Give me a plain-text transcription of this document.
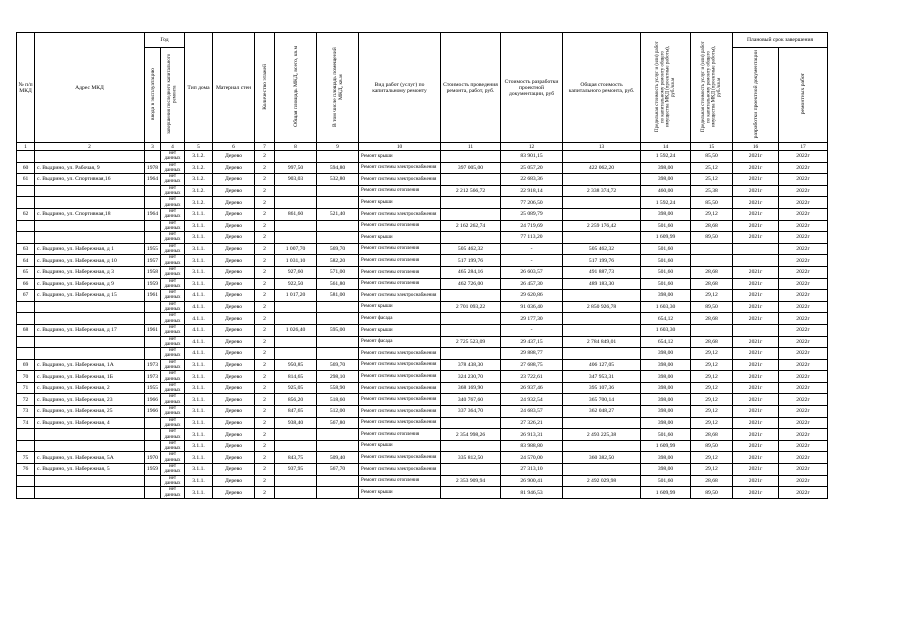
№ п/п МКД	Адрес МКД	Год		Тип дома	Материал стен	Количество этажей	Общая площадь МКД, всего, кв.м	В том числе площадь помещений МКД, кв.м	Вид работ (услуг) по капитальному ремонту	Стоимость проведения ремонта, работ, руб.	Стоимость разработки проектной документации, руб	Общая стоимость капитального ремонта, руб.	Предельная стоимость услуг и (или) работ по капитальному ремонту общего имущества МКД (проектные работы), руб./кв.м	Предельная стоимость услуг и (или) работ по капитальному ремонту общего имущества МКД (проектные работы), руб./кв.м	Плановый срок завершения	
		ввода в эксплуатацию	завершения последнего капитального ремонта												разработки проектной документации	ремонтных работ
1	2	3	4	5	6	7	8	9	10	11	12	13	14	15	16	17
			нет данных	3.1.2.	Дерево	2			Ремонт крыши		83 901,15		1 592,24	85,50	2021г	2022г
60	с. Выдрино, ул. Рабочая, 9	1978	нет данных	3.1.2.	Дерево	2	997,50	594,80	Ремонт системы электроснабжения	397 005,00	25 057,20	422 062,20	398,00	25,12	2021г	2022г
61	с. Выдрино, ул. Спортивная,16	1964	нет данных	3.1.2.	Дерево	2	903,03	532,80	Ремонт системы электроснабжения		22 683,36		398,00	25,12	2021г	2022г
			нет данных	3.1.2.	Дерево	2			Ремонт системы отопления	2 212 566,72	22 918,14	2 338 374,72	460,00	25,38	2021г	2022г
			нет данных	3.1.2.	Дерево	2			Ремонт крыши		77 206,50		1 592,24	85,50	2021г	2022г
62	с. Выдрино, ул. Спортивная,18	1964	нет данных	3.1.1.	Дерево	2	861,60	521,40	Ремонт системы электроснабжения		25 089,79		398,00	29,12	2021г	2022г
			нет данных	3.1.1.	Дерево	2			Ремонт системы отопления	2 162 262,74	24 719,69	2 259 176,42	501,60	28,68	2021г	2022г
			нет данных	3.1.1.	Дерево	2			Ремонт крыши		77 113,20		1 609,99	89,50	2021г	2022г
63	с. Выдрино, ул. Набережная, д 1	1955	нет данных	3.1.1.	Дерево	2	1 007,70	569,70	Ремонт системы отопления	505 462,32	-	505 462,32	501,60			2022г
64	с. Выдрино, ул. Набережная, д 10	1957	нет данных	3.1.1.	Дерево	2	1 031,10	582,20	Ремонт системы отопления	517 199,76	-	517 199,76	501,60			2022г
65	с. Выдрино, ул. Набережная, д 3	1958	нет данных	3.1.1.	Дерево	2	927,60	571,00	Ремонт системы отопления	465 284,16	26 603,57	491 887,73	501,60	28,68	2021г	2022г
66	с. Выдрино, ул. Набережная, д 9	1959	нет данных	3.1.1.	Дерево	2	922,50	561,80	Ремонт системы отопления	462 726,00	26 457,30	489 183,30	501,60	28,68	2021г	2022г
67	с. Выдрино, ул. Набережная, д 15	1961	нет данных	4.1.1.	Дерево	2	1 017,20	581,00	Ремонт системы электроснабжения		29 620,86		398,00	29,12	2021г	2022г
			нет данных	4.1.1.	Дерево	2			Ремонт крыши	2 701 093,22	91 036,40	2 850 926,78	1 603,30	89,50	2021г	2022г
			нет данных	4.1.1.	Дерево	2			Ремонт фасада		29 177,30		654,12	28,68	2021г	2022г
68	с. Выдрино, ул. Набережная, д 17	1961	нет данных	4.1.1.	Дерево	2	1 026,40	595,00	Ремонт крыши		-		1 603,30			2022г
			нет данных	4.1.1.	Дерево	2			Ремонт фасада	2 725 523,09	29 437,15	2 784 849,01	654,12	28,68	2021г	2022г
			нет данных	4.1.1.	Дерево	2			Ремонт системы электроснабжения		29 888,77		398,00	29,12	2021г	2022г
69	с. Выдрино, ул. Набережная, 1А	1973	нет данных	3.1.1.	Дерево	2	950,85	569,70	Ремонт системы электроснабжения	378 438,30	27 688,75	406 127,05	398,00	29,12	2021г	2022г
70	с. Выдрино, ул. Набережная, 1Б	1973	нет данных	3.1.1.	Дерево	2	814,65	298,10	Ремонт системы электроснабжения	324 230,70	23 722,61	347 953,31	398,00	29,12	2021г	2022г
71	с. Выдрино, ул. Набережная, 2	1955	нет данных	3.1.1.	Дерево	2	925,05	558,90	Ремонт системы электроснабжения	368 169,90	26 937,46	395 107,36	398,00	29,12	2021г	2022г
72	с. Выдрино, ул. Набережная, 23	1966	нет данных	3.1.1.	Дерево	2	856,20	518,60	Ремонт системы электроснабжения	340 767,60	24 932,54	365 700,14	398,00	29,12	2021г	2022г
73	с. Выдрино, ул. Набережная, 25	1966	нет данных	3.1.1.	Дерево	2	847,65	512,00	Ремонт системы электроснабжения	337 364,70	24 683,57	362 048,27	398,00	29,12	2021г	2022г
74	с. Выдрино, ул. Набережная, 4		нет данных	3.1.1.	Дерево	2	938,40	567,80	Ремонт системы электроснабжения		27 326,21		398,00	29,12	2021г	2022г
			нет данных	3.1.1.	Дерево	2			Ремонт системы отопления	2 354 998,26	26 913,31	2 493 225,38	501,60	28,68	2021г	2022г
			нет данных	3.1.1.	Дерево	2			Ремонт крыши		83 988,80		1 609,99	89,50	2021г	2022г
75	с. Выдрино, ул. Набережная, 5А	1970	нет данных	3.1.1.	Дерево	2	843,75	509,40	Ремонт системы электроснабжения	335 812,50	24 570,00	360 382,50	398,00	29,12	2021г	2022г
76	с. Выдрино, ул. Набережная, 5	1959	нет данных	3.1.1.	Дерево	2	937,95	567,70	Ремонт системы электроснабжения		27 313,10		398,00	29,12	2021г	2022г
			нет данных	3.1.1.	Дерево	2			Ремонт системы отопления	2 353 909,94	26 900,41	2 492 029,98	501,60	28,68	2021г	2022г
			нет данных	3.1.1.	Дерево	2			Ремонт крыши		81 946,53		1 609,99	89,50	2021г	2022г
